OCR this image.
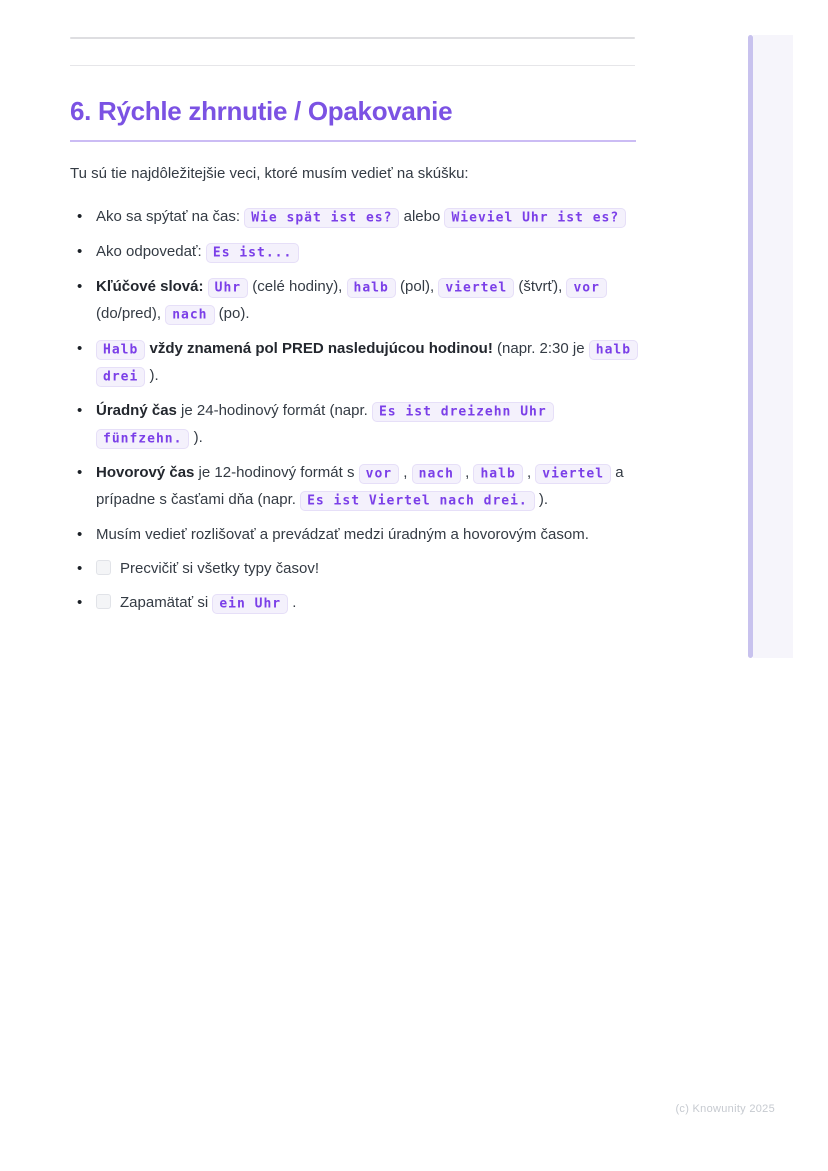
6. Rýchle zhrnutie / Opakovanie

Tu sú tie najdôležitejšie veci, ktoré musím vedieť na skúšku:

• Ako sa spýtať na čas: Wie spät ist es? alebo Wieviel Uhr ist es?
• Ako odpovedať: Es ist...
• Kľúčové slová: Uhr (celé hodiny), halb (pol), viertel (štvrť), vor (do/pred), nach (po).
• Halb vždy znamená pol PRED nasledujúcou hodinou! (napr. 2:30 je halb drei ).
• Úradný čas je 24-hodinový formát (napr. Es ist dreizehn Uhr fünfzehn. ).
• Hovorový čas je 12-hodinový formát s vor , nach , halb , viertel a prípadne s časťami dňa (napr. Es ist Viertel nach drei. ).
• Musím vedieť rozlišovať a prevádzať medzi úradným a hovorovým časom.
• Precvičiť si všetky typy časov!
• Zapamätať si ein Uhr .
(c) Knowunity 2025
